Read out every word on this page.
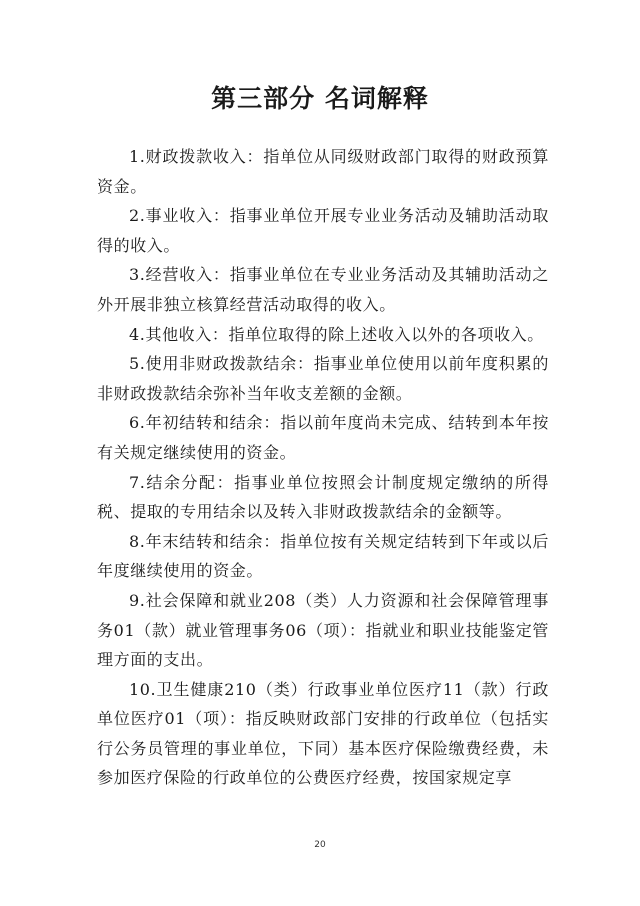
第三部分 名词解释

1.财政拨款收入：指单位从同级财政部门取得的财政预算资金。

2.事业收入：指事业单位开展专业业务活动及辅助活动取得的收入。

3.经营收入：指事业单位在专业业务活动及其辅助活动之外开展非独立核算经营活动取得的收入。

4.其他收入：指单位取得的除上述收入以外的各项收入。

5.使用非财政拨款结余：指事业单位使用以前年度积累的非财政拨款结余弥补当年收支差额的金额。

6.年初结转和结余：指以前年度尚未完成、结转到本年按有关规定继续使用的资金。

7.结余分配：指事业单位按照会计制度规定缴纳的所得税、提取的专用结余以及转入非财政拨款结余的金额等。

8.年末结转和结余：指单位按有关规定结转到下年或以后年度继续使用的资金。

9.社会保障和就业208（类）人力资源和社会保障管理事务01（款）就业管理事务06（项）：指就业和职业技能鉴定管理方面的支出。

10.卫生健康210（类）行政事业单位医疗11（款）行政单位医疗01（项）：指反映财政部门安排的行政单位（包括实行公务员管理的事业单位，下同）基本医疗保险缴费经费，未参加医疗保险的行政单位的公费医疗经费，按国家规定享

20
